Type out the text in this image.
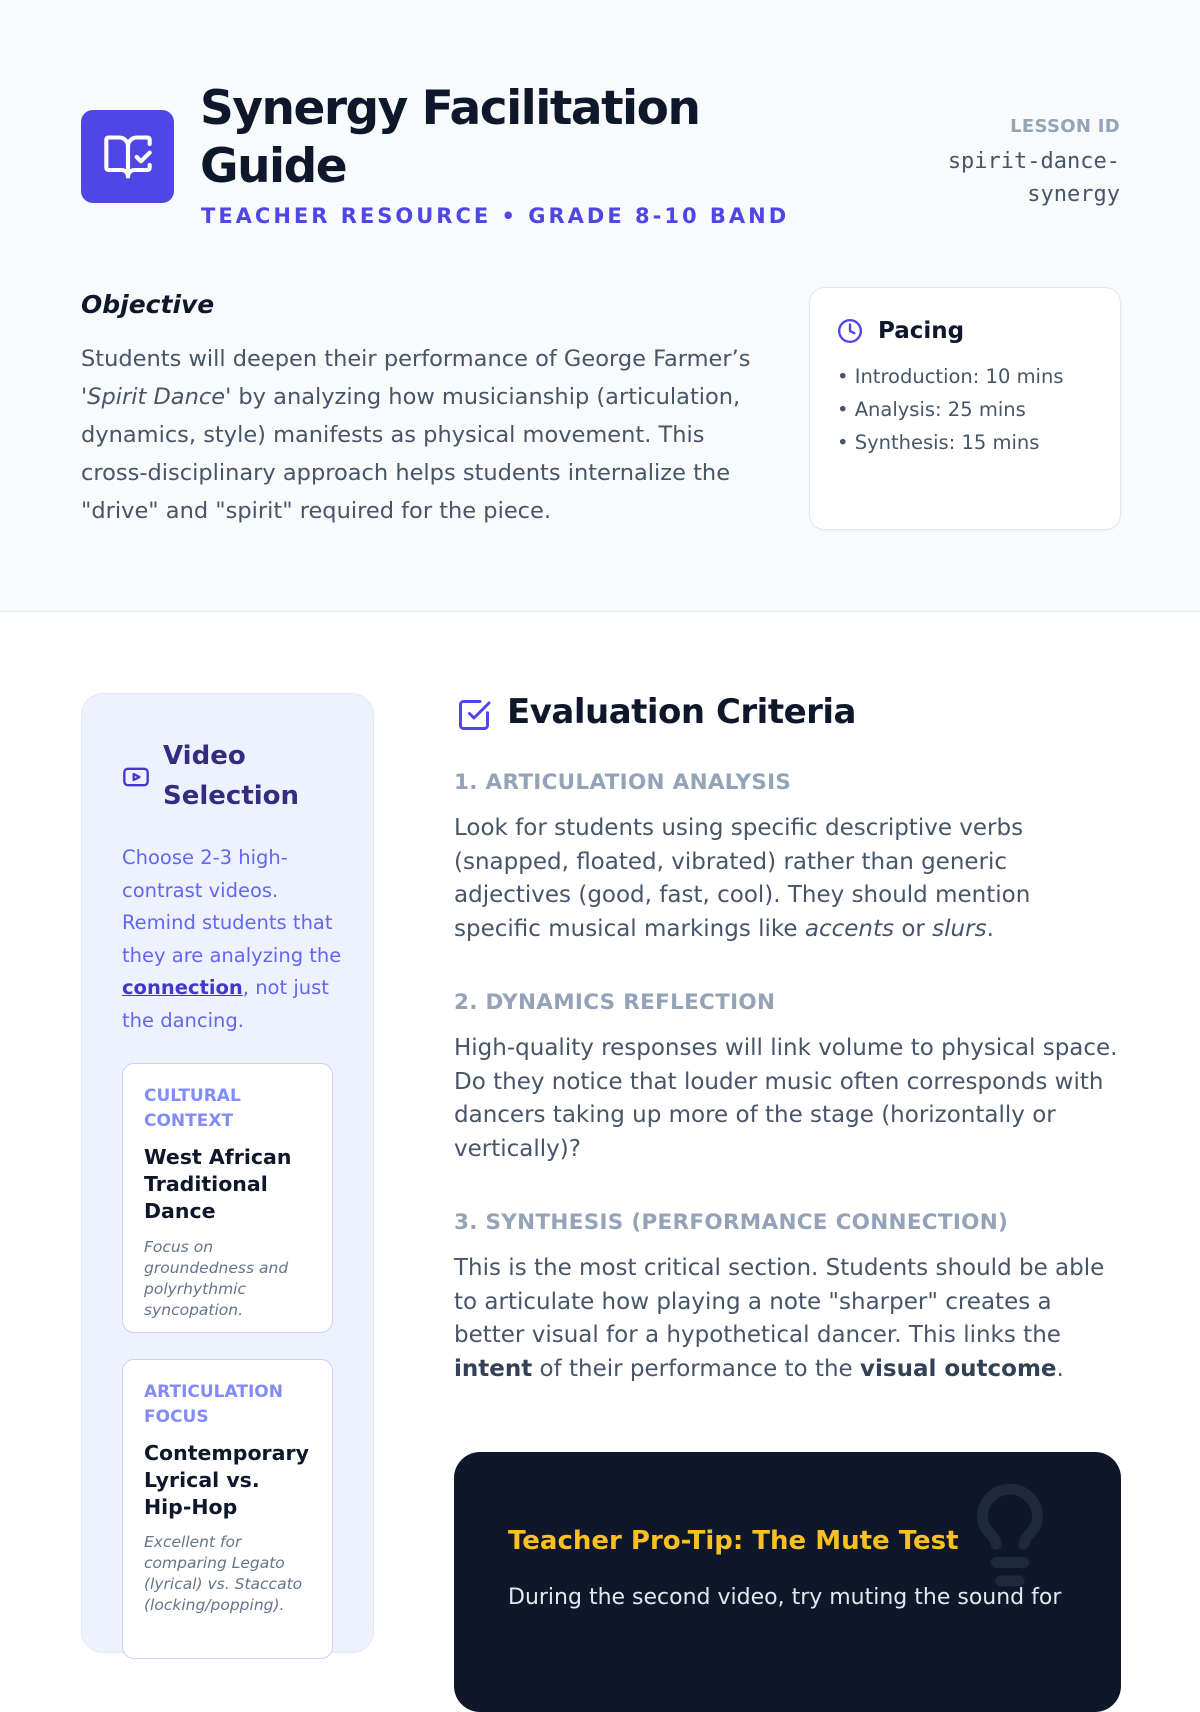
Synergy Facilitation Guide
TEACHER RESOURCE • GRADE 8-10 BAND
LESSON ID
spirit-dance-synergy
Objective

Students will deepen their performance of George Farmer’s 'Spirit Dance' by analyzing how musicianship (articulation, dynamics, style) manifests as physical movement. This cross-disciplinary approach helps students internalize the "drive" and "spirit" required for the piece.

Pacing
• Introduction: 10 mins
• Analysis: 25 mins
• Synthesis: 15 mins
Video Selection

Choose 2-3 high-contrast videos. Remind students that they are analyzing the connection, not just the dancing.

CULTURAL CONTEXT
West African Traditional Dance
Focus on groundedness and polyrhythmic syncopation.
ARTICULATION FOCUS
Contemporary Lyrical vs. Hip-Hop
Excellent for comparing Legato (lyrical) vs. Staccato (locking/popping).
Evaluation Criteria
1. ARTICULATION ANALYSIS

Look for students using specific descriptive verbs (snapped, floated, vibrated) rather than generic adjectives (good, fast, cool). They should mention specific musical markings like accents or slurs.

2. DYNAMICS REFLECTION

High-quality responses will link volume to physical space. Do they notice that louder music often corresponds with dancers taking up more of the stage (horizontally or vertically)?

3. SYNTHESIS (PERFORMANCE CONNECTION)

This is the most critical section. Students should be able to articulate how playing a note "sharper" creates a better visual for a hypothetical dancer. This links the intent of their performance to the visual outcome.

Teacher Pro-Tip: The Mute Test

During the second video, try muting the sound for
